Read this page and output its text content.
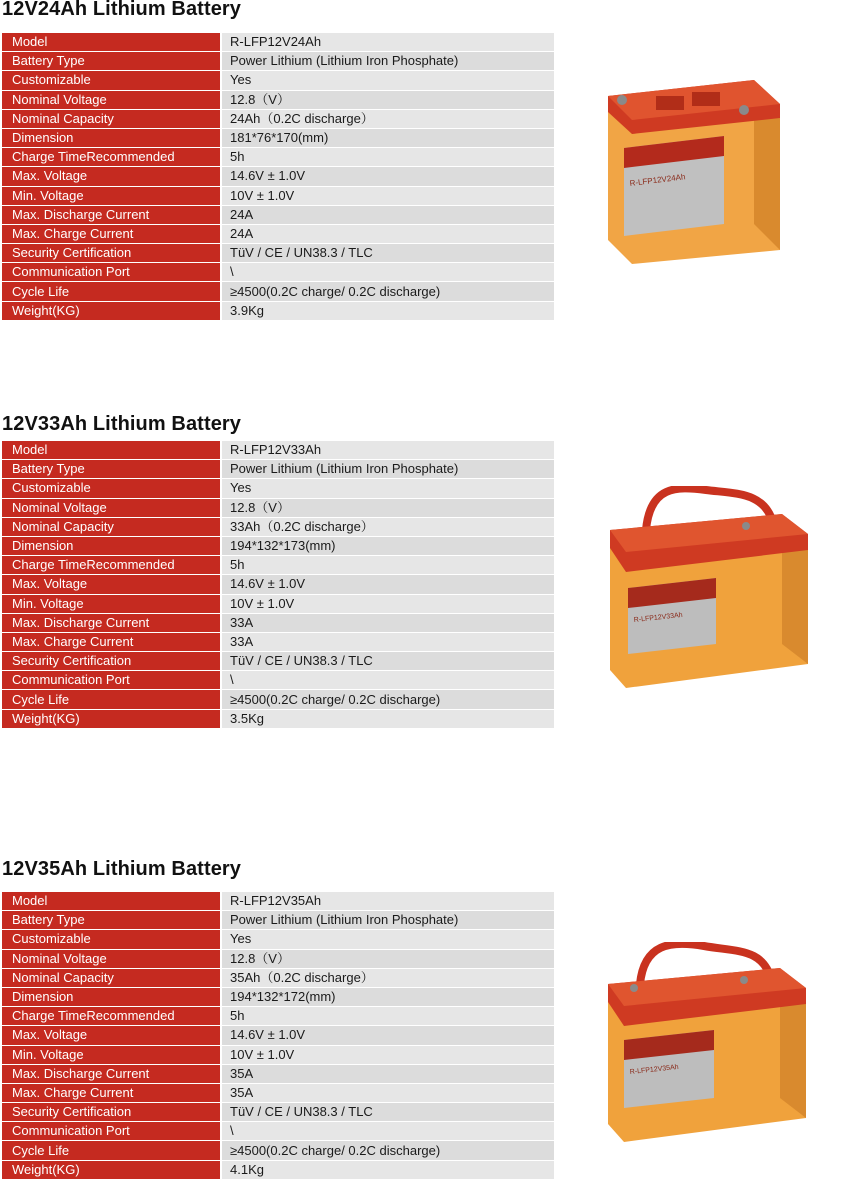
12V24Ah Lithium Battery
Model	R-LFP12V24Ah
Battery Type	Power Lithium (Lithium Iron Phosphate)
Customizable	Yes
Nominal Voltage	12.8（V）
Nominal Capacity	24Ah（0.2C discharge）
Dimension	181*76*170(mm)
Charge TimeRecommended	5h
Max. Voltage	14.6V ± 1.0V
Min. Voltage	10V ± 1.0V
Max. Discharge Current	24A
Max. Charge Current	24A
Security Certification	TüV / CE / UN38.3 / TLC
Communication Port	\
Cycle Life	≥4500(0.2C charge/ 0.2C discharge)
Weight(KG)	3.9Kg
R-LFP12V24Ah
12V33Ah Lithium Battery
Model	R-LFP12V33Ah
Battery Type	Power Lithium (Lithium Iron Phosphate)
Customizable	Yes
Nominal Voltage	12.8（V）
Nominal Capacity	33Ah（0.2C discharge）
Dimension	194*132*173(mm)
Charge TimeRecommended	5h
Max. Voltage	14.6V ± 1.0V
Min. Voltage	10V ± 1.0V
Max. Discharge Current	33A
Max. Charge Current	33A
Security Certification	TüV / CE / UN38.3 / TLC
Communication Port	\
Cycle Life	≥4500(0.2C charge/ 0.2C discharge)
Weight(KG)	3.5Kg
R-LFP12V33Ah
12V35Ah Lithium Battery
Model	R-LFP12V35Ah
Battery Type	Power Lithium (Lithium Iron Phosphate)
Customizable	Yes
Nominal Voltage	12.8（V）
Nominal Capacity	35Ah（0.2C discharge）
Dimension	194*132*172(mm)
Charge TimeRecommended	5h
Max. Voltage	14.6V ± 1.0V
Min. Voltage	10V ± 1.0V
Max. Discharge Current	35A
Max. Charge Current	35A
Security Certification	TüV / CE / UN38.3 / TLC
Communication Port	\
Cycle Life	≥4500(0.2C charge/ 0.2C discharge)
Weight(KG)	4.1Kg
R-LFP12V35Ah
